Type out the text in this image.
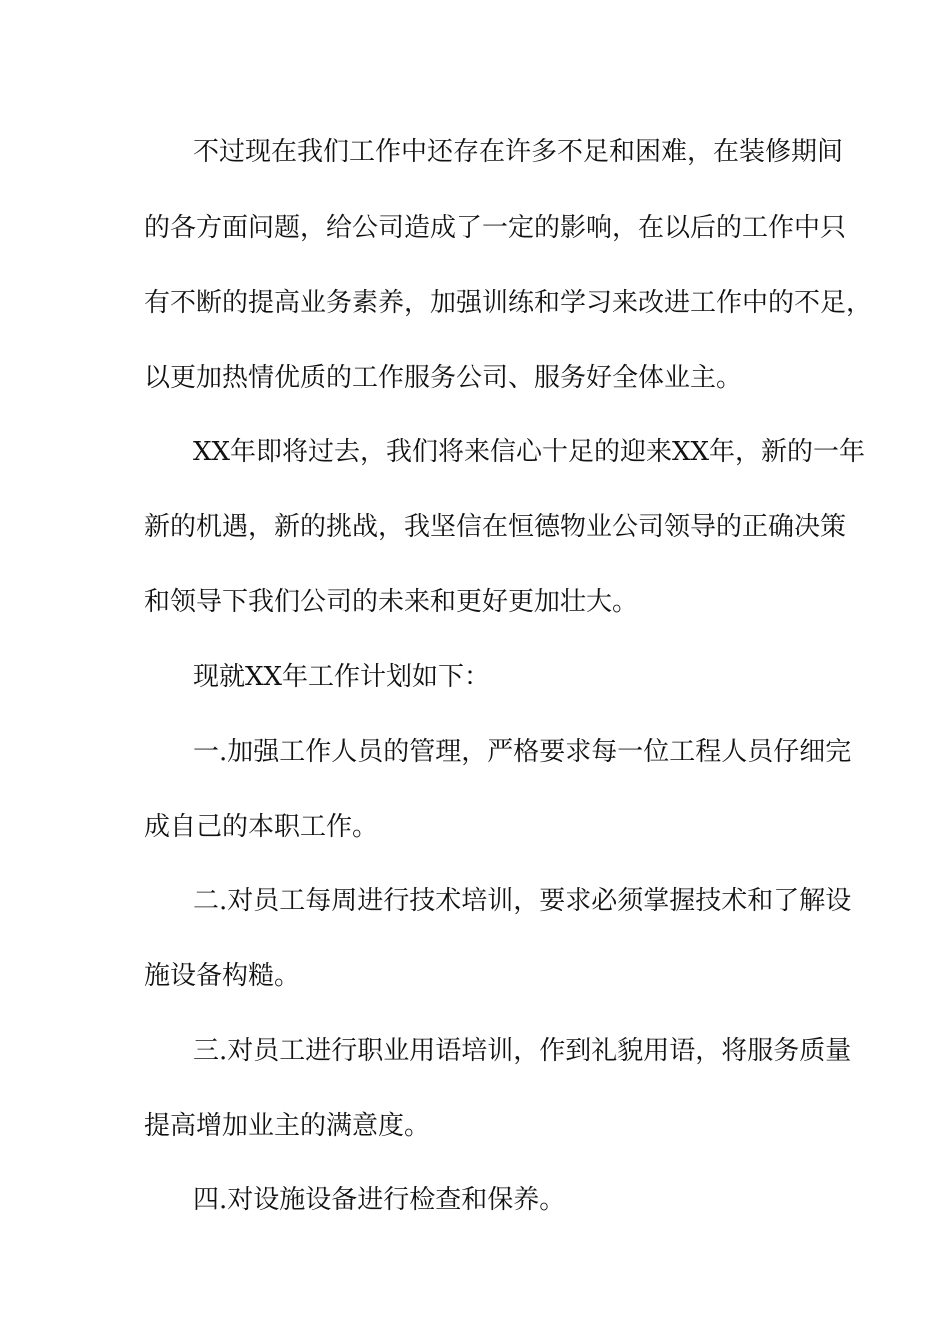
不过现在我们工作中还存在许多不足和困难，在装修期间
的各方面问题，给公司造成了一定的影响，在以后的工作中只
有不断的提高业务素养，加强训练和学习来改进工作中的不足，
以更加热情优质的工作服务公司、服务好全体业主。
XX年即将过去，我们将来信心十足的迎来XX年，新的一年
新的机遇，新的挑战，我坚信在恒德物业公司领导的正确决策
和领导下我们公司的未来和更好更加壮大。
现就XX年工作计划如下：
一.加强工作人员的管理，严格要求每一位工程人员仔细完
成自己的本职工作。
二.对员工每周进行技术培训，要求必须掌握技术和了解设
施设备构糙。
三.对员工进行职业用语培训，作到礼貌用语，将服务质量
提高增加业主的满意度。
四.对设施设备进行检查和保养。
